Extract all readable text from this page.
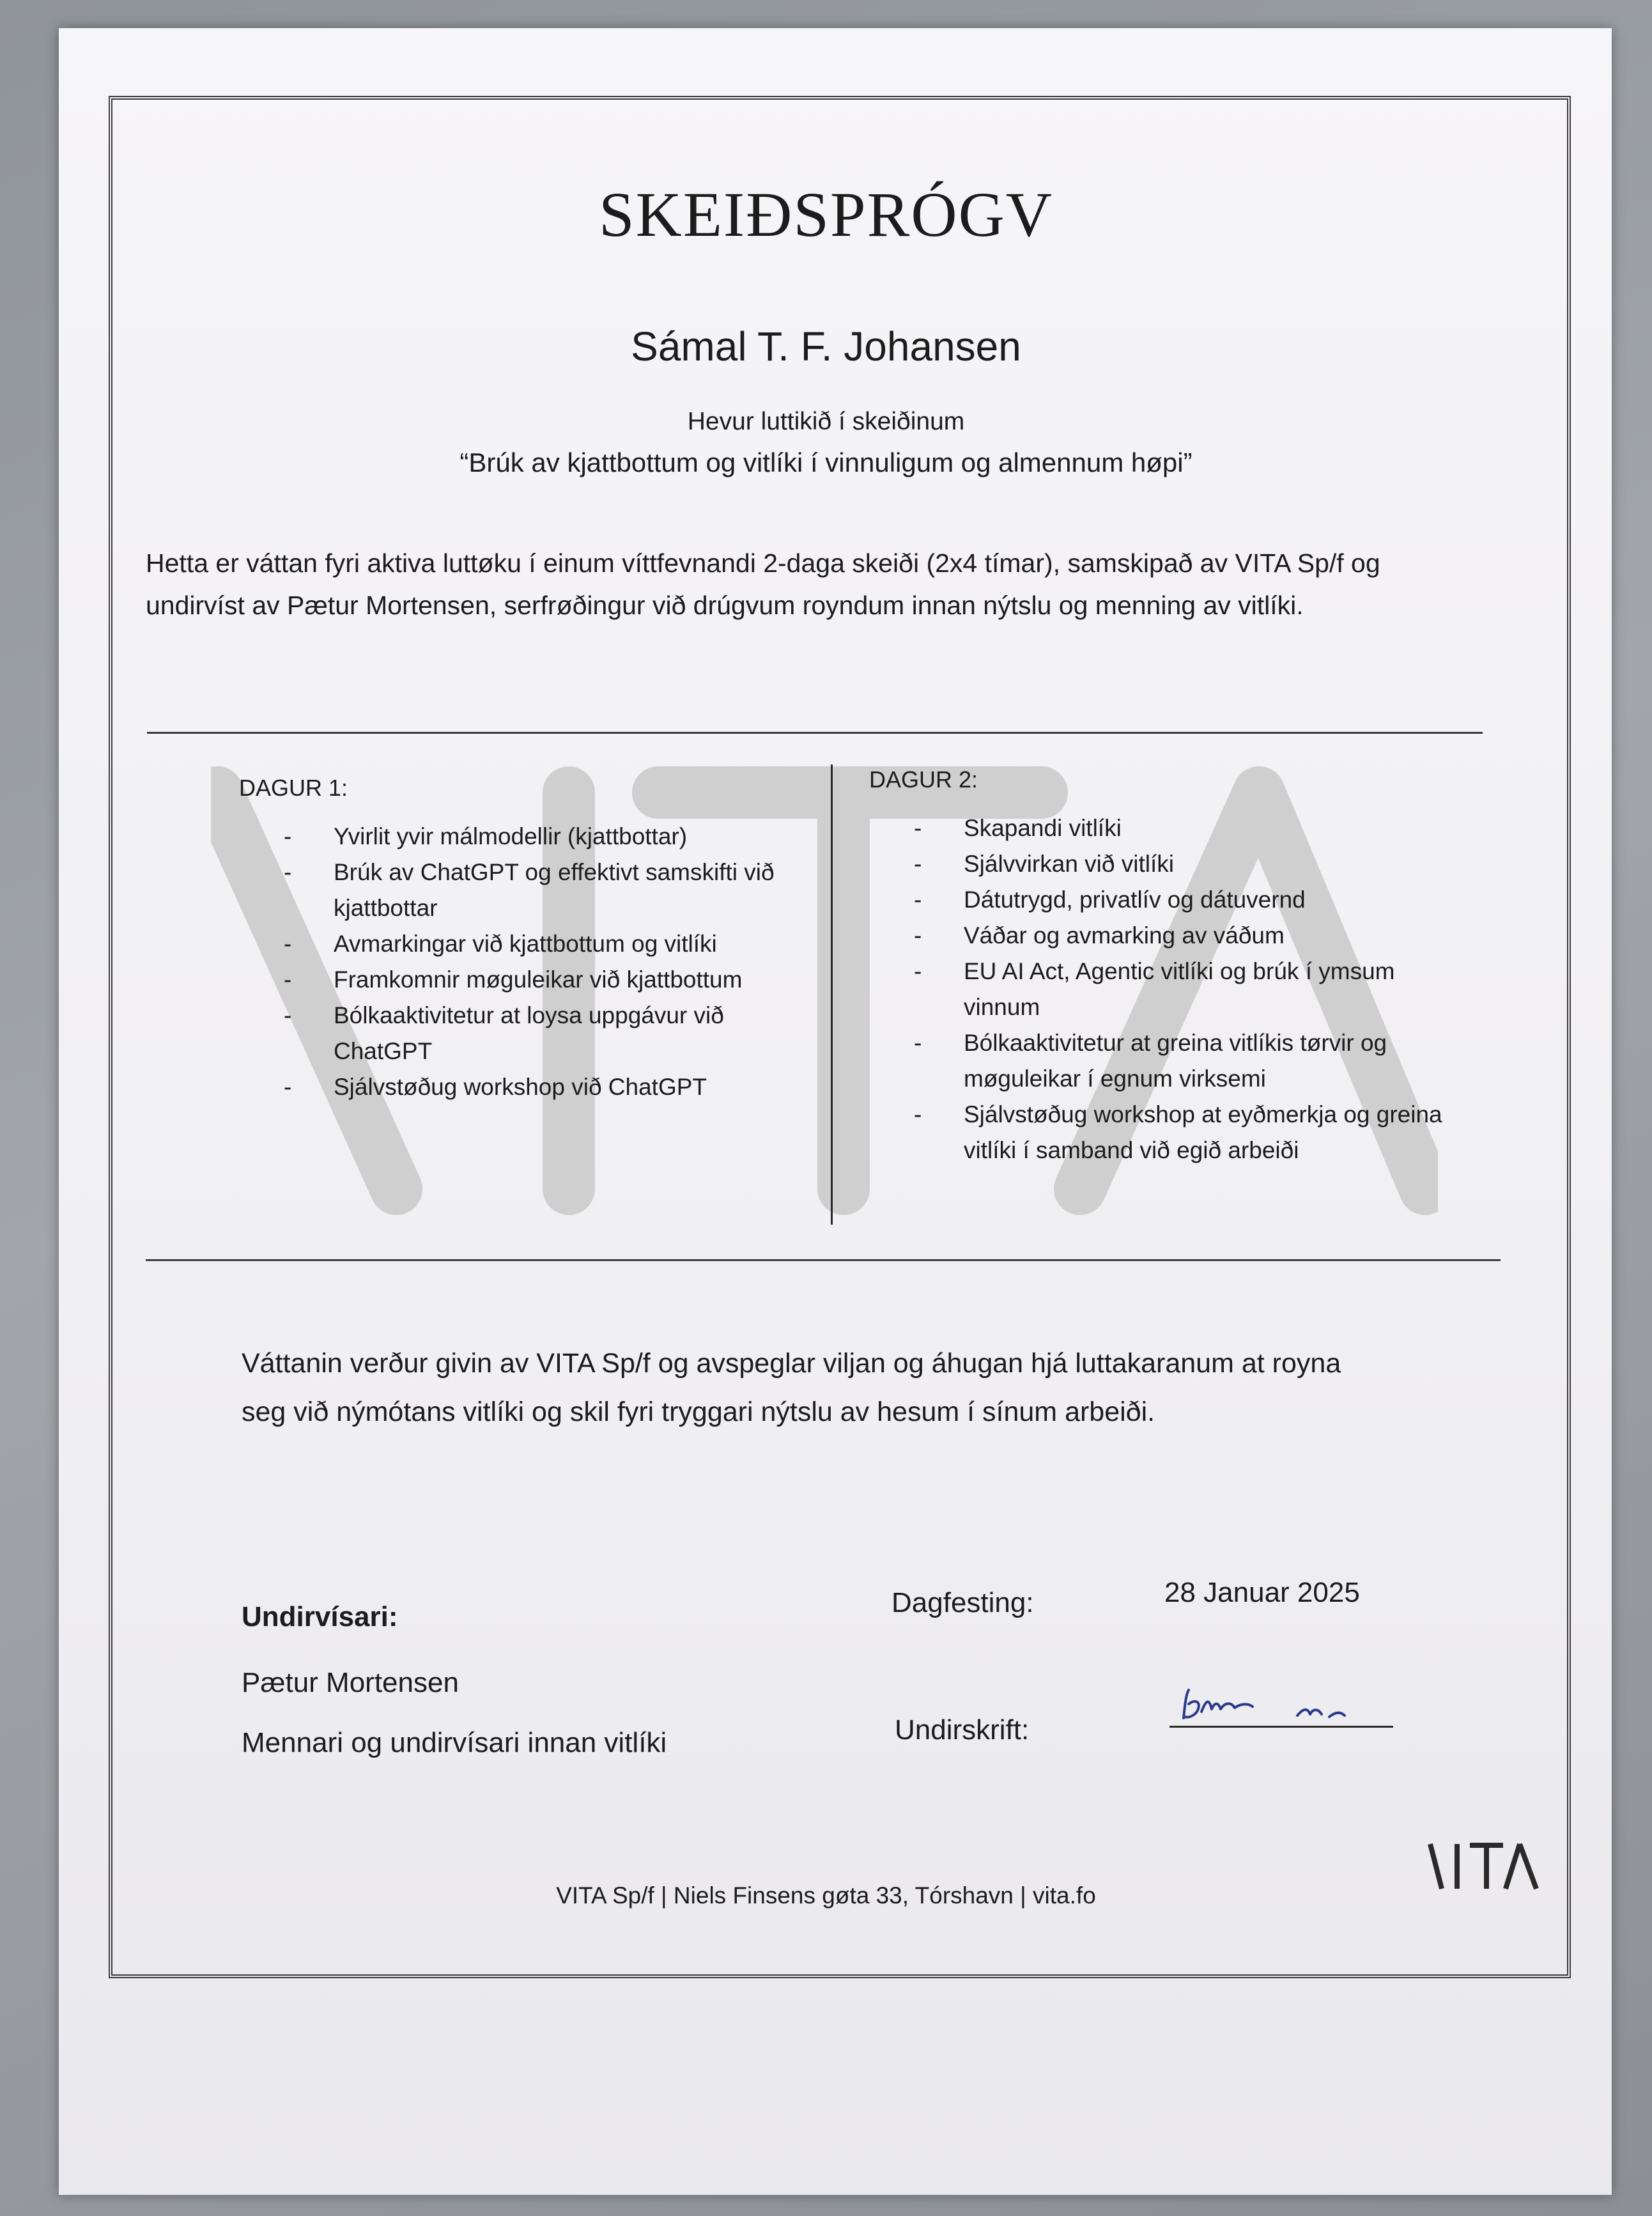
SKEIÐSPRÓGV
Sámal T. F. Johansen
Hevur luttikið í skeiðinum
“Brúk av kjattbottum og vitlíki í vinnuligum og almennum høpi”
Hetta er váttan fyri aktiva luttøku í einum víttfevnandi 2-daga skeiði (2x4 tímar), samskipað av VITA Sp/f og
undirvíst av Pætur Mortensen, serfrøðingur við drúgvum royndum innan nýtslu og menning av vitlíki.
DAGUR 1:
- Yvirlit yvir málmodellir (kjattbottar)
- Brúk av ChatGPT og effektivt samskifti við kjattbottar
- Avmarkingar við kjattbottum og vitlíki
- Framkomnir møguleikar við kjattbottum
- Bólkaaktivitetur at loysa uppgávur við ChatGPT
- Sjálvstøðug workshop við ChatGPT
DAGUR 2:
- Skapandi vitlíki
- Sjálvvirkan við vitlíki
- Dátutrygd, privatlív og dátuvernd
- Váðar og avmarking av váðum
- EU AI Act, Agentic vitlíki og brúk í ymsum vinnum
- Bólkaaktivitetur at greina vitlíkis tørvir og møguleikar í egnum virksemi
- Sjálvstøðug workshop at eyðmerkja og greina vitlíki í samband við egið arbeiði
Váttanin verður givin av VITA Sp/f og avspeglar viljan og áhugan hjá luttakaranum at royna
seg við nýmótans vitlíki og skil fyri tryggari nýtslu av hesum í sínum arbeiði.
Undirvísari:
Pætur Mortensen
Mennari og undirvísari innan vitlíki
Dagfesting:	28 Januar 2025
Undirskrift:
VITA Sp/f | Niels Finsens gøta 33, Tórshavn | vita.fo
